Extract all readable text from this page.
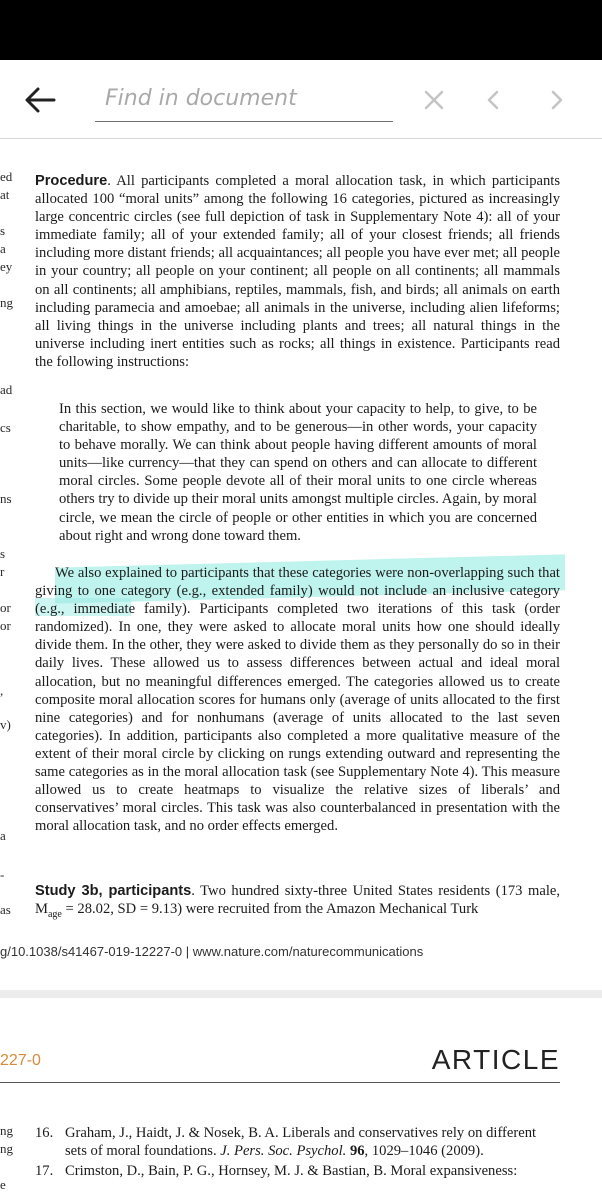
Find in document
ed
at
s
a
ey
ng
ad
cs
ns
s
r
or
or
,
v)
a
-
as
ng
ng
e

Procedure. All participants completed a moral allocation task, in which participants allocated 100 “moral units” among the following 16 categories, pictured as increasingly large concentric circles (see full depiction of task in Supplementary Note 4): all of your immediate family; all of your extended family; all of your closest friends; all friends including more distant friends; all acquaintances; all people you have ever met; all people in your country; all people on your continent; all people on all continents; all mammals on all continents; all amphibians, reptiles, mammals, fish, and birds; all animals on earth including paramecia and amoebae; all animals in the universe, including alien lifeforms; all living things in the universe including plants and trees; all natural things in the universe including inert entities such as rocks; all things in existence. Participants read the following instructions:

In this section, we would like to think about your capacity to help, to give, to be charitable, to show empathy, and to be generous—in other words, your capacity to behave morally. We can think about people having different amounts of moral units—like currency—that they can spend on others and can allocate to different moral circles. Some people devote all of their moral units to one circle whereas others try to divide up their moral units amongst multiple circles. Again, by moral circle, we mean the circle of people or other entities in which you are concerned about right and wrong done toward them.

We also explained to participants that these categories were non-overlapping such that giving to one category (e.g., extended family) would not include an inclusive category (e.g., immediate family). Participants completed two iterations of this task (order randomized). In one, they were asked to allocate moral units how one should ideally divide them. In the other, they were asked to divide them as they personally do so in their daily lives. These allowed us to assess differences between actual and ideal moral allocation, but no meaningful differences emerged. The categories allowed us to create composite moral allocation scores for humans only (average of units allocated to the first nine categories) and for nonhumans (average of units allocated to the last seven categories). In addition, participants also completed a more qualitative measure of the extent of their moral circle by clicking on rungs extending outward and representing the same categories as in the moral allocation task (see Supplementary Note 4). This measure allowed us to create heatmaps to visualize the relative sizes of liberals’ and conservatives’ moral circles. This task was also counterbalanced in presentation with the moral allocation task, and no order effects emerged.

Study 3b, participants. Two hundred sixty-three United States residents (173 male, $M_{age} = 28.02$, SD = 9.13) were recruited from the Amazon Mechanical Turk

g/10.1038/s41467-019-12227-0 | www.nature.com/naturecommunications
227-0	ARTICLE
16. Graham, J., Haidt, J. & Nosek, B. A. Liberals and conservatives rely on different sets of moral foundations. J. Pers. Soc. Psychol. 96, 1029–1046 (2009).
17. Crimston, D., Bain, P. G., Hornsey, M. J. & Bastian, B. Moral expansiveness:
